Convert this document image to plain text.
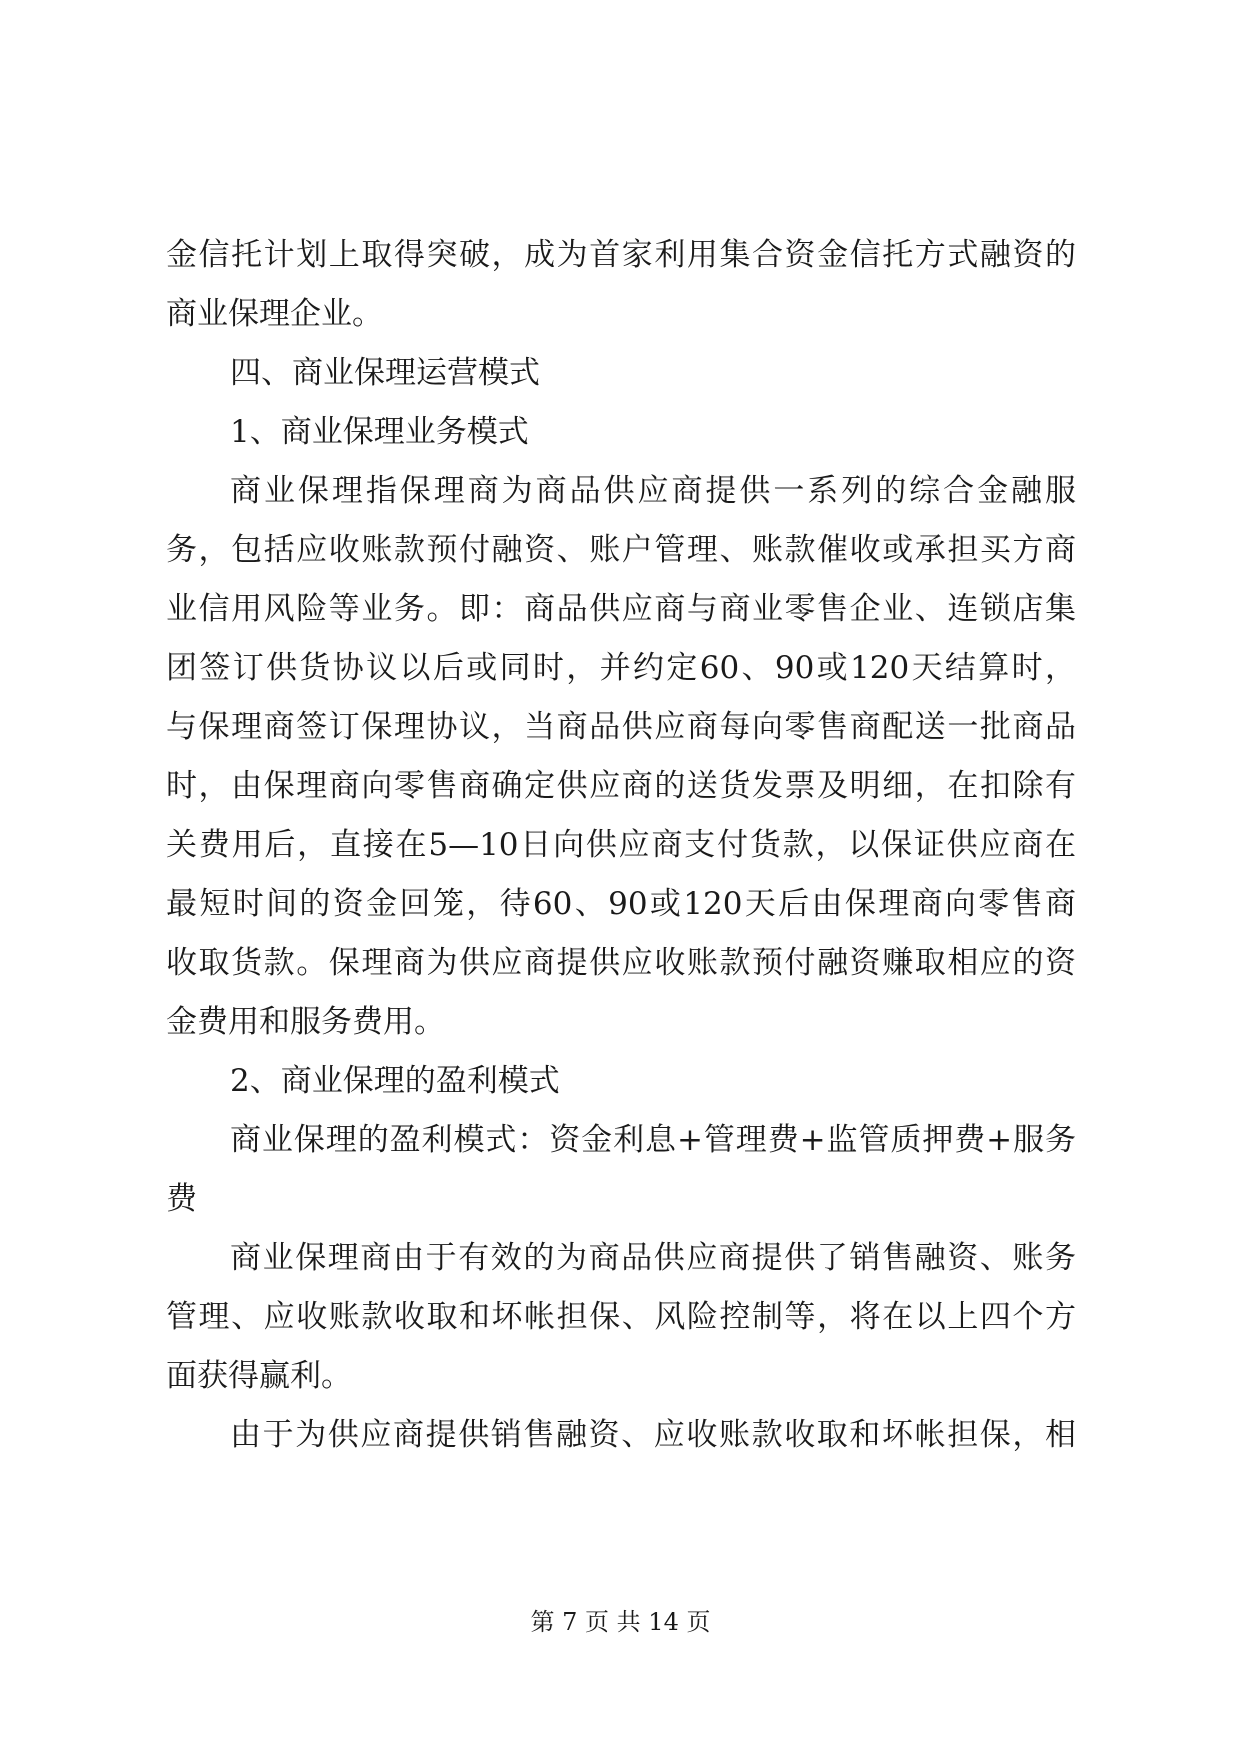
金信托计划上取得突破，成为首家利用集合资金信托方式融资的
商业保理企业。
四、商业保理运营模式
1、商业保理业务模式
商业保理指保理商为商品供应商提供一系列的综合金融服
务，包括应收账款预付融资、账户管理、账款催收或承担买方商
业信用风险等业务。即：商品供应商与商业零售企业、连锁店集
团签订供货协议以后或同时，并约定60、90或120天结算时，
与保理商签订保理协议，当商品供应商每向零售商配送一批商品
时，由保理商向零售商确定供应商的送货发票及明细，在扣除有
关费用后，直接在5—10日向供应商支付货款，以保证供应商在
最短时间的资金回笼，待60、90或120天后由保理商向零售商
收取货款。保理商为供应商提供应收账款预付融资赚取相应的资
金费用和服务费用。
2、商业保理的盈利模式
商业保理的盈利模式：资金利息+管理费+监管质押费+服务
费
商业保理商由于有效的为商品供应商提供了销售融资、账务
管理、应收账款收取和坏帐担保、风险控制等，将在以上四个方
面获得赢利。
由于为供应商提供销售融资、应收账款收取和坏帐担保，相
第 7 页 共 14 页
